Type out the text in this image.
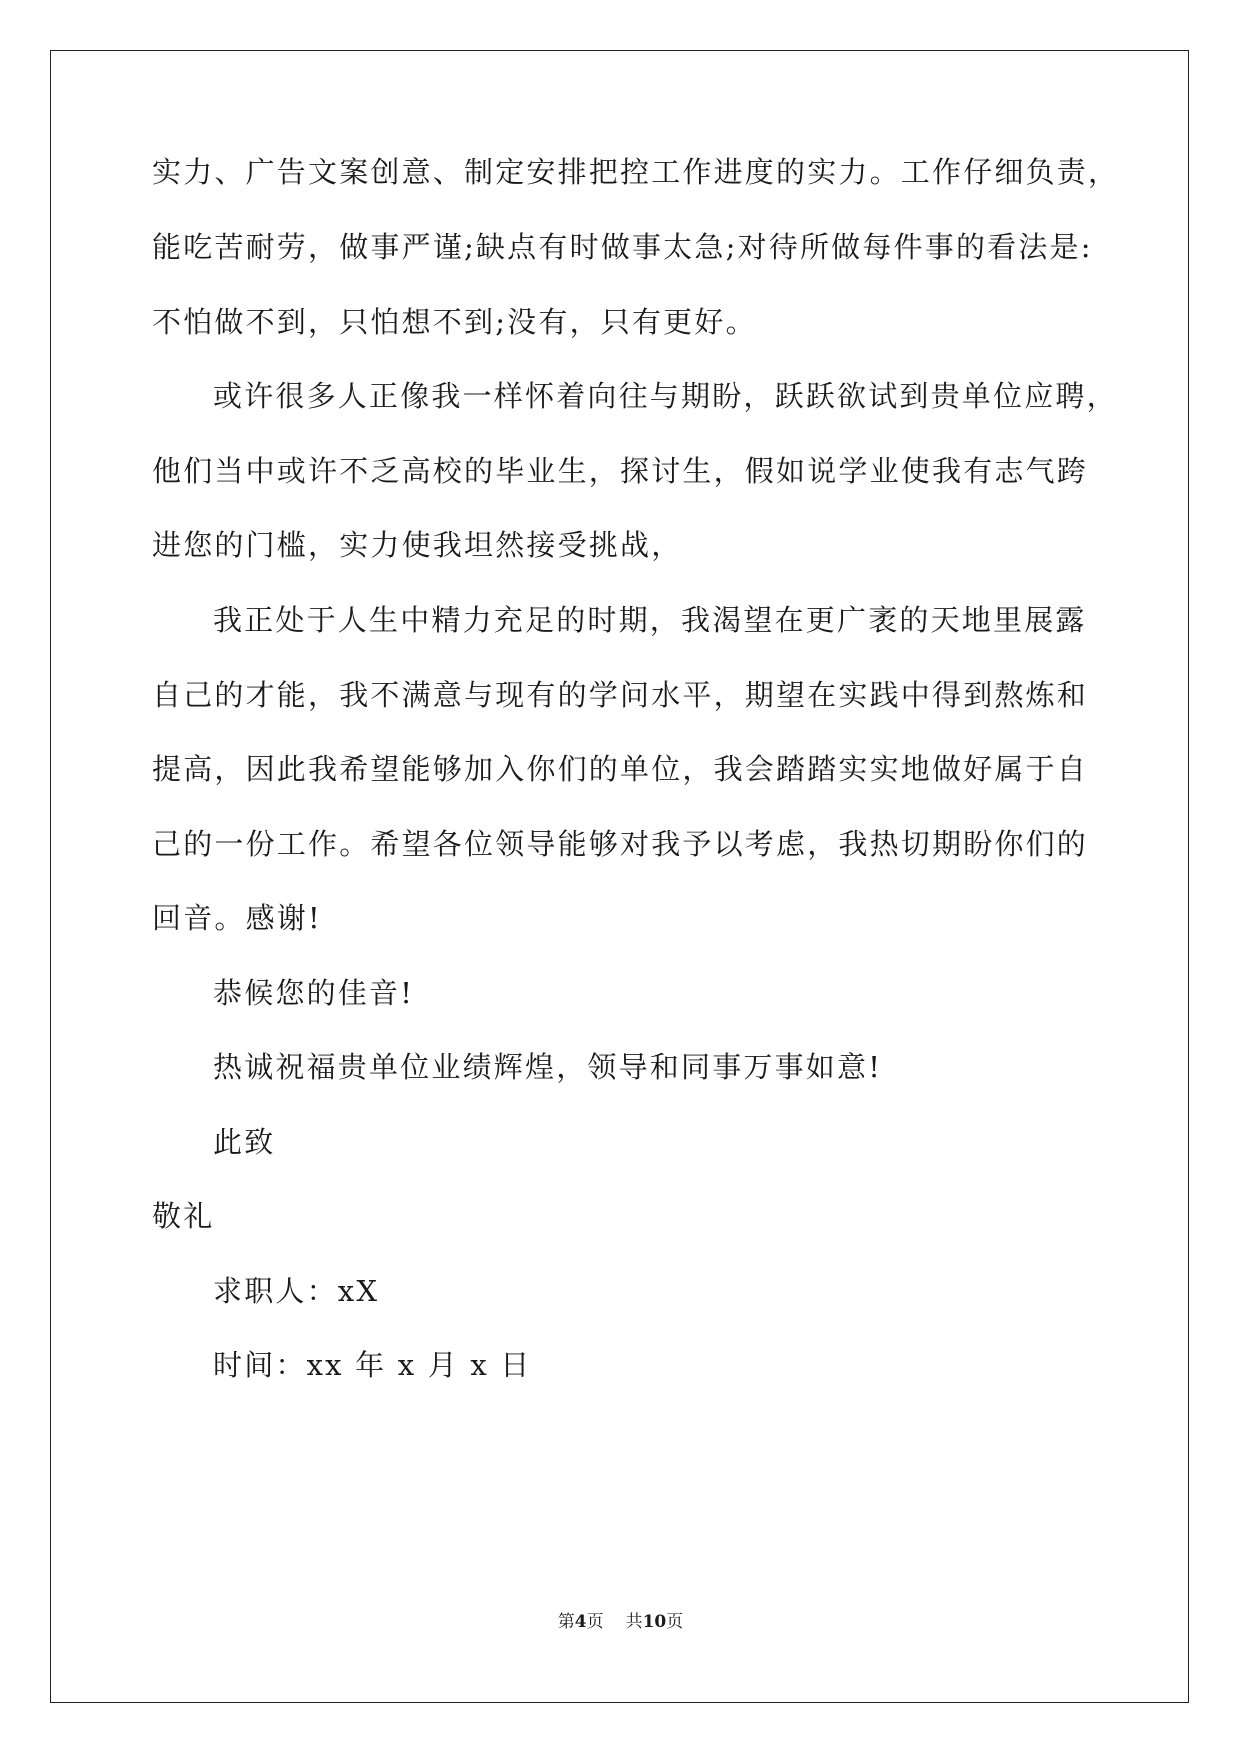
实力、广告文案创意、制定安排把控工作进度的实力。工作仔细负责，

能吃苦耐劳，做事严谨;缺点有时做事太急;对待所做每件事的看法是:

不怕做不到，只怕想不到;没有，只有更好。

或许很多人正像我一样怀着向往与期盼，跃跃欲试到贵单位应聘，

他们当中或许不乏高校的毕业生，探讨生，假如说学业使我有志气跨

进您的门槛，实力使我坦然接受挑战，

我正处于人生中精力充足的时期，我渴望在更广袤的天地里展露

自己的才能，我不满意与现有的学问水平，期望在实践中得到熬炼和

提高，因此我希望能够加入你们的单位，我会踏踏实实地做好属于自

己的一份工作。希望各位领导能够对我予以考虑，我热切期盼你们的

回音。感谢!

恭候您的佳音!

热诚祝福贵单位业绩辉煌，领导和同事万事如意!

此致

敬礼

求职人：xX

时间：xx 年 x 月 x 日

第4页 共10页
